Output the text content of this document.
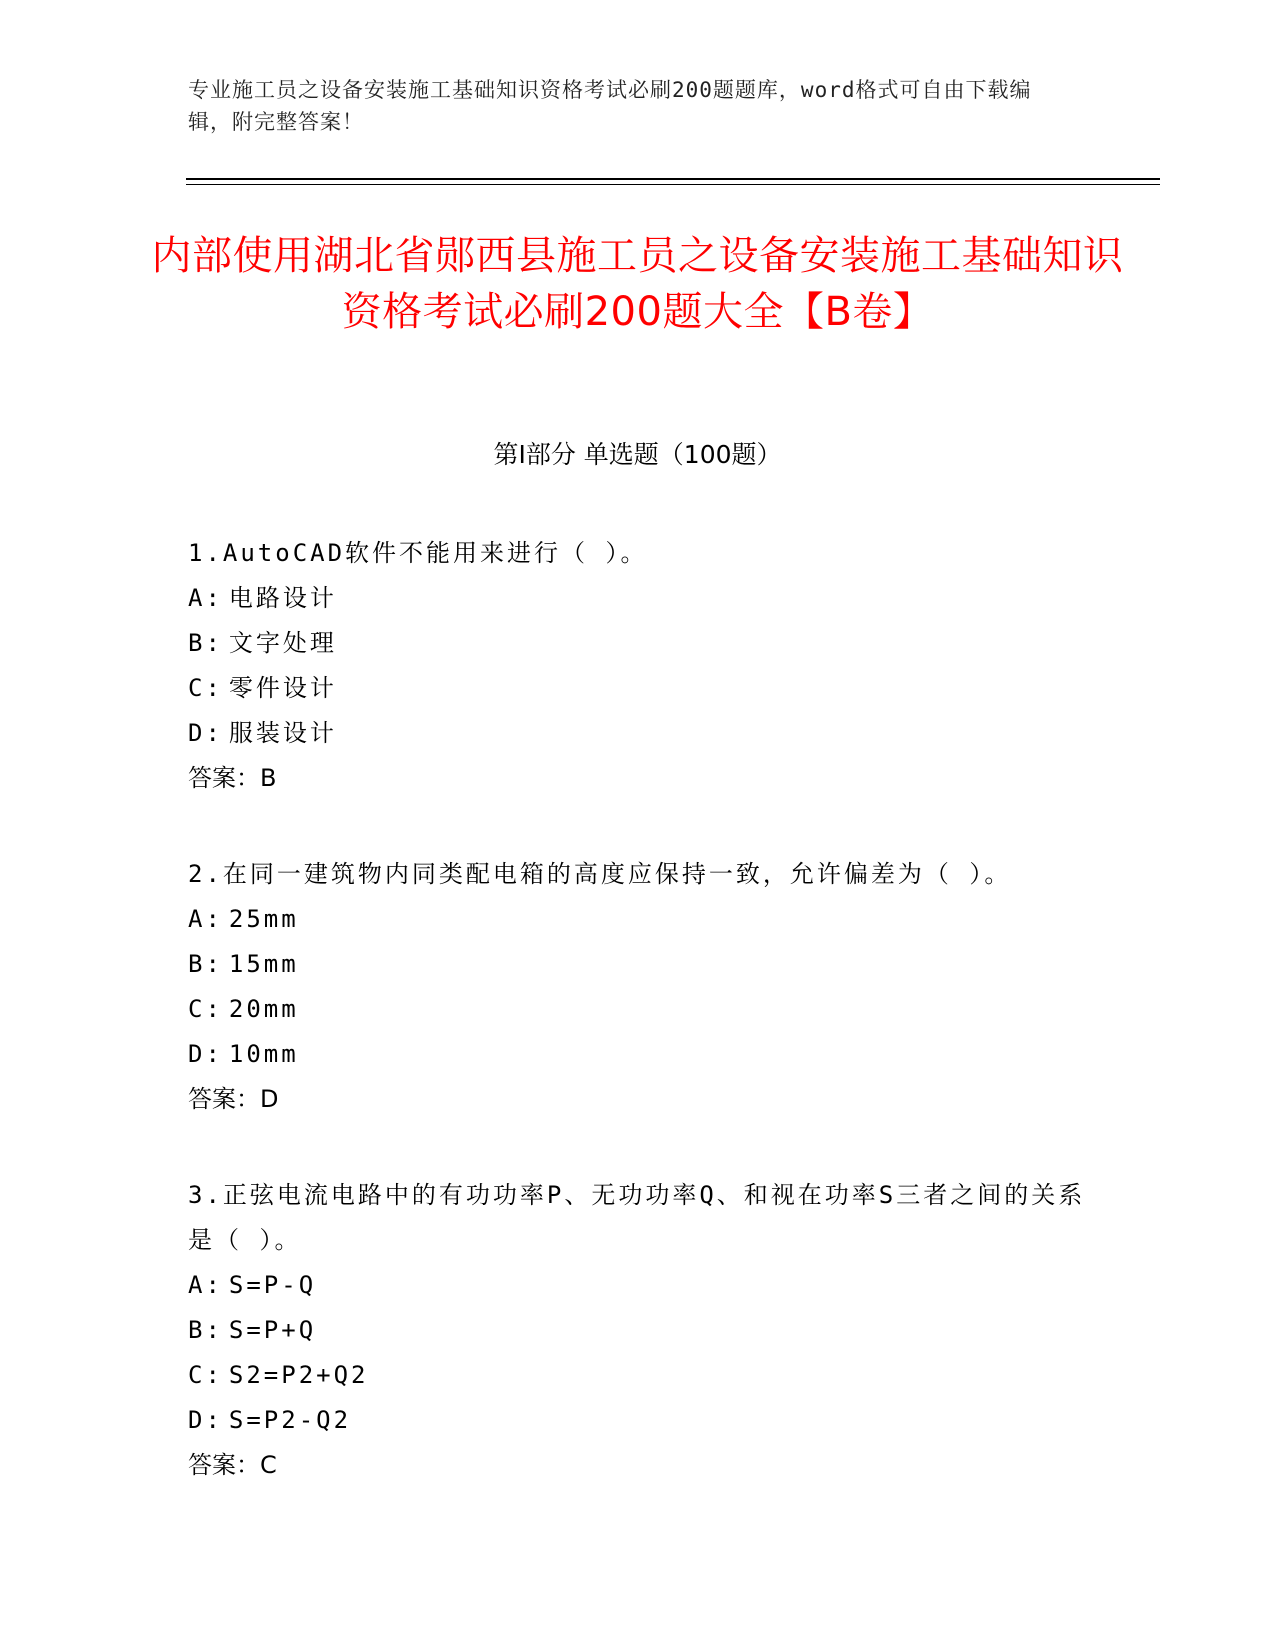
专业施工员之设备安装施工基础知识资格考试必刷200题题库，word格式可自由下载编辑，附完整答案！
内部使用湖北省郧西县施工员之设备安装施工基础知识资格考试必刷200题大全【B卷】
第I部分 单选题（100题）
1.AutoCAD软件不能用来进行（ ）。
A: 电路设计
B: 文字处理
C: 零件设计
D: 服装设计
答案：B
2.在同一建筑物内同类配电箱的高度应保持一致，允许偏差为（ ）。
A: 25mm
B: 15mm
C: 20mm
D: 10mm
答案：D
3.正弦电流电路中的有功功率P、无功功率Q、和视在功率S三者之间的关系是（ ）。
A: S=P-Q
B: S=P+Q
C: S2=P2+Q2
D: S=P2-Q2
答案：C
